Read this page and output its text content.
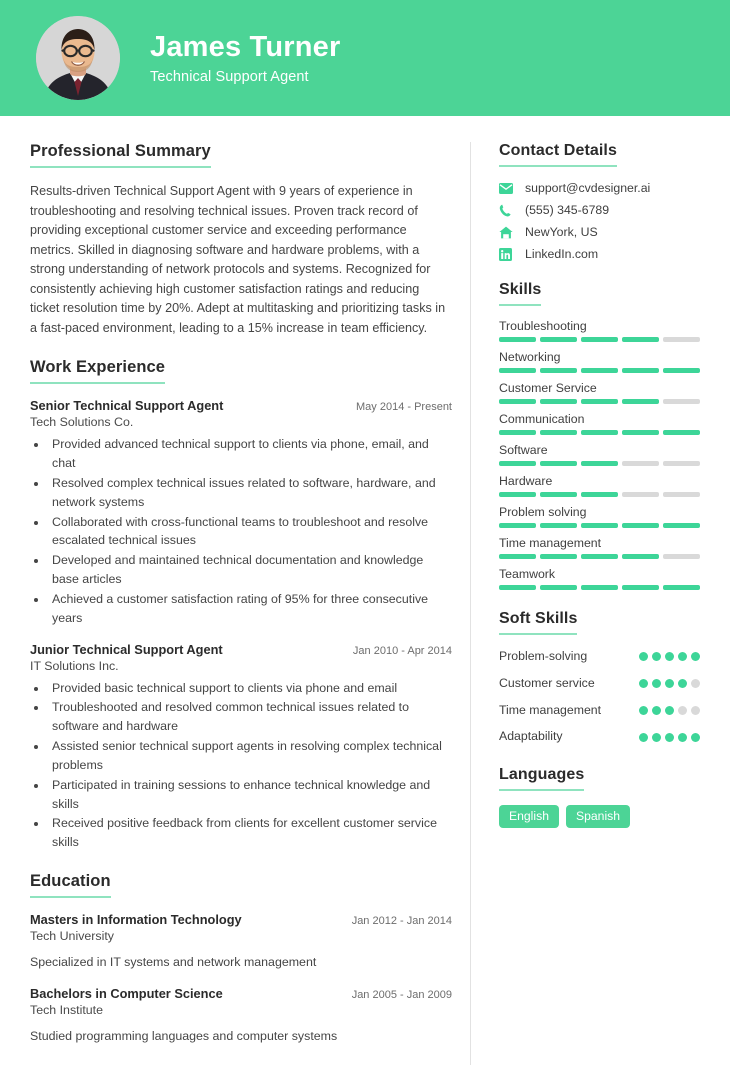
James Turner
Technical Support Agent
Professional Summary

Results-driven Technical Support Agent with 9 years of experience in troubleshooting and resolving technical issues. Proven track record of providing exceptional customer service and exceeding performance metrics. Skilled in diagnosing software and hardware problems, with a strong understanding of network protocols and systems. Recognized for consistently achieving high customer satisfaction ratings and reducing ticket resolution time by 20%. Adept at multitasking and prioritizing tasks in a fast-paced environment, leading to a 15% increase in team efficiency.

Work Experience
Senior Technical Support Agent	May 2014 - Present
Tech Solutions Co.
• Provided advanced technical support to clients via phone, email, and chat
• Resolved complex technical issues related to software, hardware, and network systems
• Collaborated with cross-functional teams to troubleshoot and resolve escalated technical issues
• Developed and maintained technical documentation and knowledge base articles
• Achieved a customer satisfaction rating of 95% for three consecutive years
Junior Technical Support Agent	Jan 2010 - Apr 2014
IT Solutions Inc.
• Provided basic technical support to clients via phone and email
• Troubleshooted and resolved common technical issues related to software and hardware
• Assisted senior technical support agents in resolving complex technical problems
• Participated in training sessions to enhance technical knowledge and skills
• Received positive feedback from clients for excellent customer service skills
Education
Masters in Information Technology	Jan 2012 - Jan 2014
Tech University
Specialized in IT systems and network management
Bachelors in Computer Science	Jan 2005 - Jan 2009
Tech Institute
Studied programming languages and computer systems
Contact Details
support@cvdesigner.ai
(555) 345-6789
NewYork, US
LinkedIn.com
Skills
Troubleshooting
Networking
Customer Service
Communication
Software
Hardware
Problem solving
Time management
Teamwork
Soft Skills
Problem-solving
Customer service
Time management
Adaptability
Languages
English	Spanish
